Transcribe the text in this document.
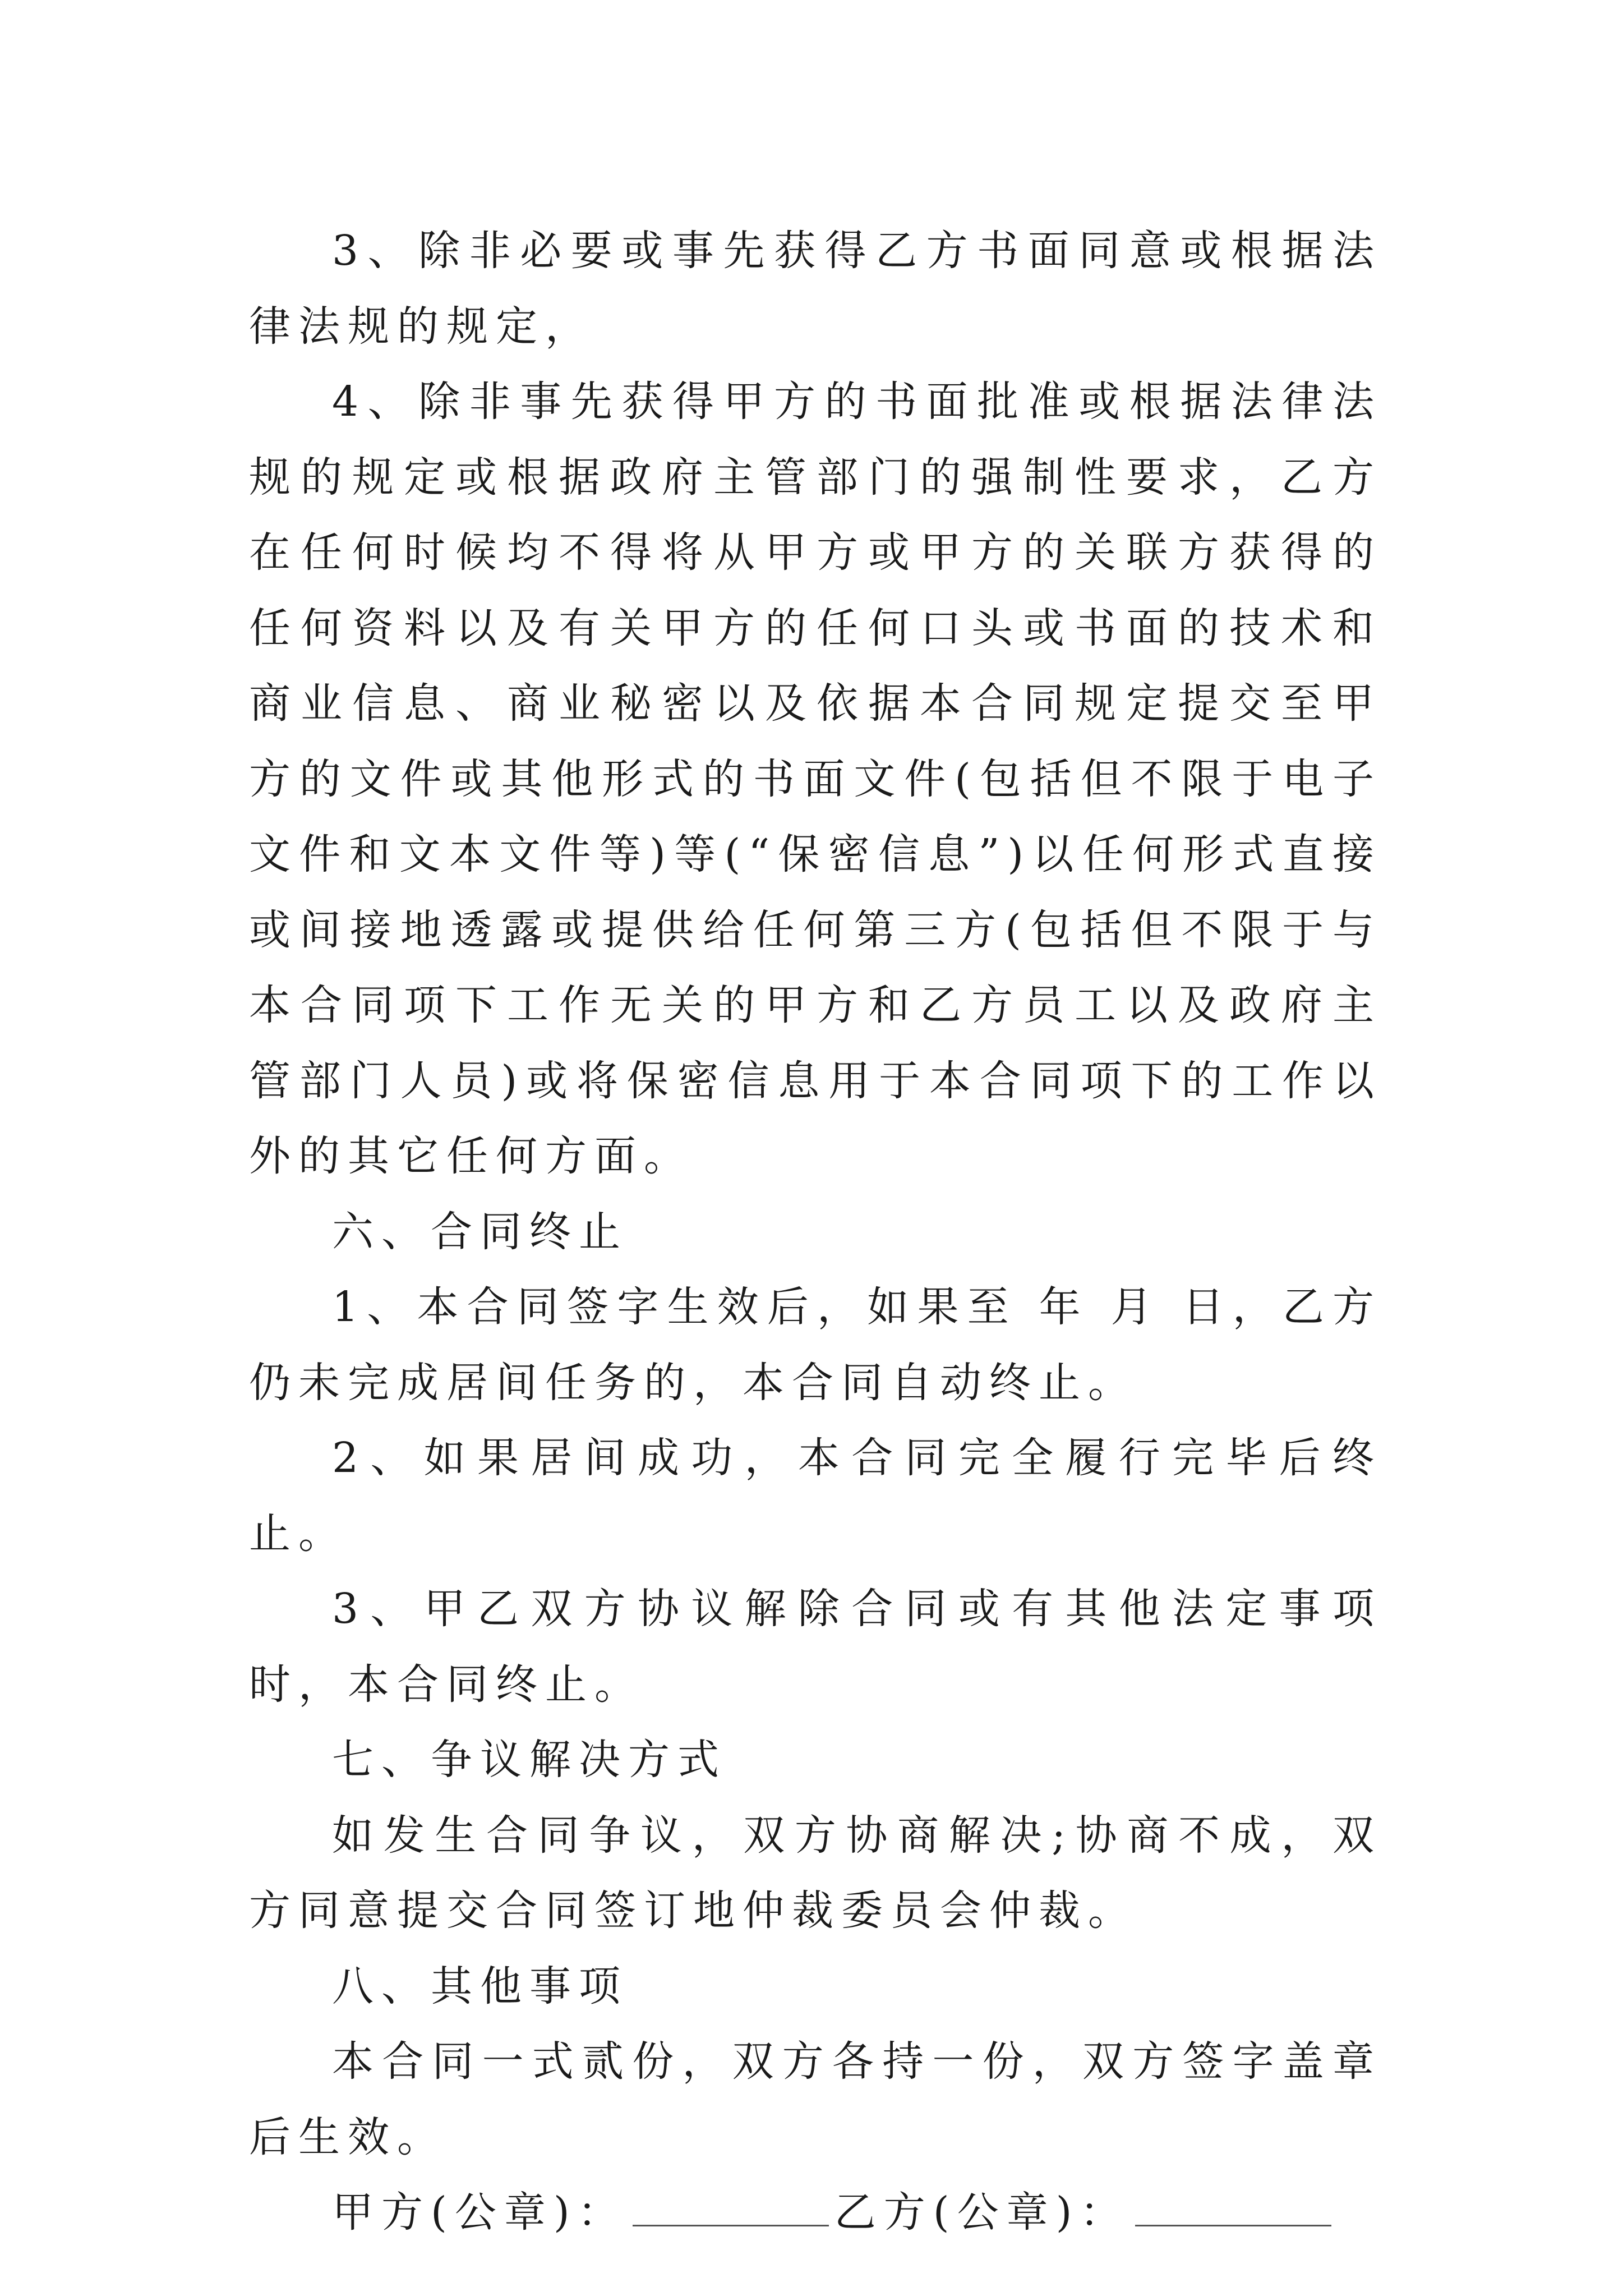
3、除非必要或事先获得乙方书面同意或根据法律法规的规定，

4、除非事先获得甲方的书面批准或根据法律法规的规定或根据政府主管部门的强制性要求，乙方在任何时候均不得将从甲方或甲方的关联方获得的任何资料以及有关甲方的任何口头或书面的技术和商业信息、商业秘密以及依据本合同规定提交至甲方的文件或其他形式的书面文件(包括但不限于电子文件和文本文件等)等(“保密信息”)以任何形式直接或间接地透露或提供给任何第三方(包括但不限于与本合同项下工作无关的甲方和乙方员工以及政府主管部门人员)或将保密信息用于本合同项下的工作以外的其它任何方面。

六、合同终止

1、本合同签字生效后，如果至 年 月 日，乙方仍未完成居间任务的，本合同自动终止。

2、如果居间成功，本合同完全履行完毕后终止。

3、甲乙双方协议解除合同或有其他法定事项时，本合同终止。

七、争议解决方式

如发生合同争议，双方协商解决;协商不成，双方同意提交合同签订地仲裁委员会仲裁。

八、其他事项

本合同一式贰份，双方各持一份，双方签字盖章后生效。

甲方(公章)：	乙方(公章)：
